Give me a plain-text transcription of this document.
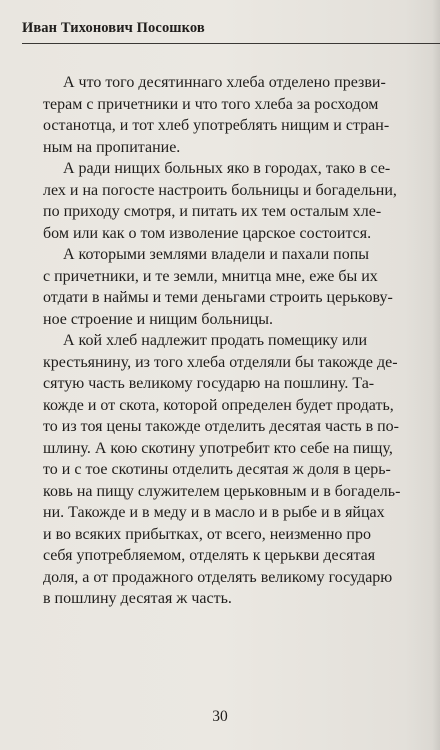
Иван Тихонович Посошков
А что того десятиннаго хлеба отделено презви-
терам с причетники и что того хлеба за росходом
останотца, и тот хлеб употреблять нищим и стран-
ным на пропитание.
А ради нищих больных яко в городах, тако в се-
лех и на погосте настроить больницы и богадельни,
по приходу смотря, и питать их тем осталым хле-
бом или как о том изволение царское состоится.
А которыми землями владели и пахали попы
с причетники, и те земли, мнитца мне, еже бы их
отдати в наймы и теми деньгами строить церькову-
ное строение и нищим больницы.
А кой хлеб надлежит продать помещику или
крестьянину, из того хлеба отделяли бы такожде де-
сятую часть великому государю на пошлину. Та-
кожде и от скота, которой определен будет продать,
то из тоя цены такожде отделить десятая часть в по-
шлину. А кою скотину употребит кто себе на пищу,
то и с тое скотины отделить десятая ж доля в церь-
ковь на пищу служителем церьковным и в богадель-
ни. Такожде и в меду и в масло и в рыбе и в яйцах
и во всяких прибытках, от всего, неизменно про
себя употребляемом, отделять к церькви десятая
доля, а от продажного отделять великому государю
в пошлину десятая ж часть.
30
